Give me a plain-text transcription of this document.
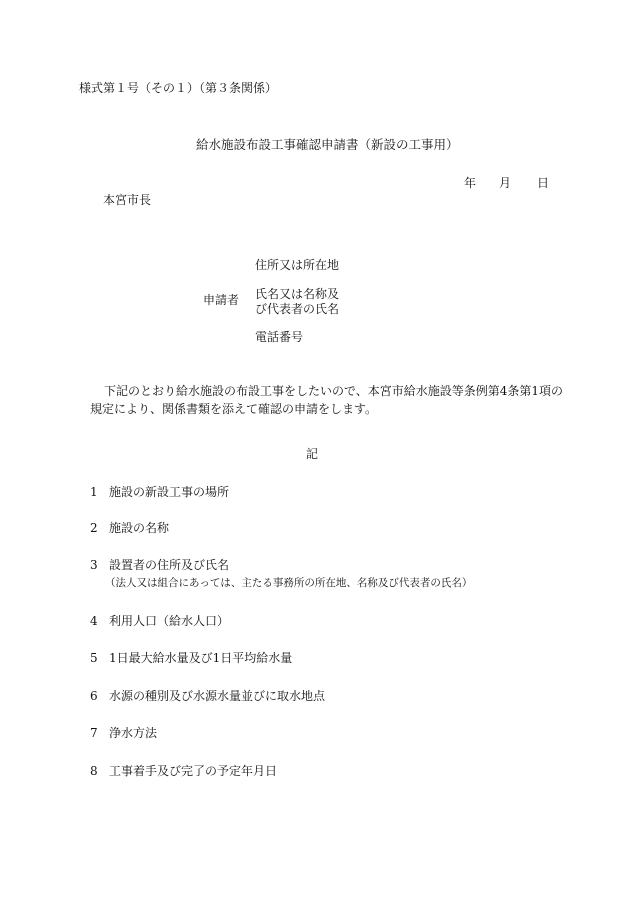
様式第１号（その１）（第３条関係）
給水施設布設工事確認申請書（新設の工事用）
年 月 日
本宮市長
申請者
住所又は所在地
氏名又は名称及
び代表者の氏名
電話番号
下記のとおり給水施設の布設工事をしたいので、本宮市給水施設等条例第4条第1項の
規定により、関係書類を添えて確認の申請をします。
記
1 施設の新設工事の場所
2 施設の名称
3 設置者の住所及び氏名
（法人又は組合にあっては、主たる事務所の所在地、名称及び代表者の氏名）
4 利用人口（給水人口）
5 1日最大給水量及び1日平均給水量
6 水源の種別及び水源水量並びに取水地点
7 浄水方法
8 工事着手及び完了の予定年月日
